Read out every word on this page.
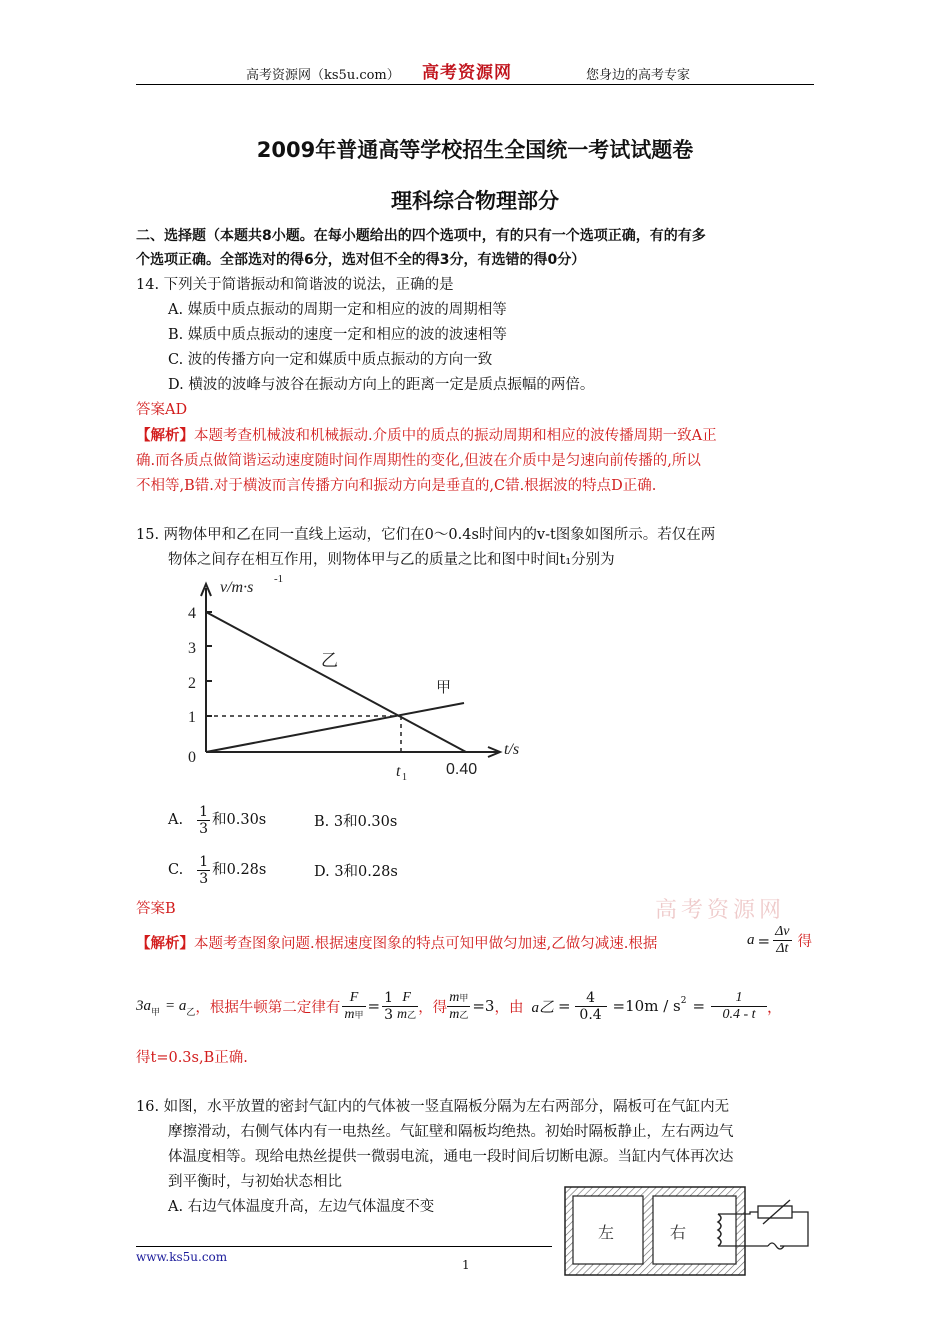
高考资源网（ks5u.com） 高考资源网	您身边的高考专家
2009年普通高等学校招生全国统一考试试题卷
理科综合物理部分
二、选择题（本题共8小题。在每小题给出的四个选项中，有的只有一个选项正确，有的有多
个选项正确。全部选对的得6分，选对但不全的得3分，有选错的得0分）
14. 下列关于简谐振动和简谐波的说法，正确的是
A. 媒质中质点振动的周期一定和相应的波的周期相等
B. 媒质中质点振动的速度一定和相应的波的波速相等
C. 波的传播方向一定和媒质中质点振动的方向一致
D. 横波的波峰与波谷在振动方向上的距离一定是质点振幅的两倍。
答案AD
【解析】本题考查机械波和机械振动.介质中的质点的振动周期和相应的波传播周期一致A正
确.而各质点做简谐运动速度随时间作周期性的变化,但波在介质中是匀速向前传播的,所以
不相等,B错.对于横波而言传播方向和振动方向是垂直的,C错.根据波的特点D正确.
15. 两物体甲和乙在同一直线上运动，它们在0～0.4s时间内的v-t图象如图所示。若仅在两
物体之间存在相互作用，则物体甲与乙的质量之比和图中时间t₁分别为
v/m·s -1
4
3
2
1
0	t/s
乙
甲
t 1 0.40
A. $\frac{1}{3}$ 和0.30s	B. 3和0.30s
C. $\frac{1}{3}$ 和0.28s	D. 3和0.28s
答案B	高考资源网
【解析】本题考查图象问题.根据速度图象的特点可知甲做匀加速,乙做匀减速.根据	$a = \frac{\Delta v}{\Delta t}$ 得
3a 甲 = a 乙 ，根据牛顿第二定律有 $\frac{F}{\text{m甲}} = \frac{1}{3} \frac{F}{\text{m乙}}$ ，得 $\frac{\text{m甲}}{\text{m乙}} =3$ ，由 a乙 = $\frac{4}{0.4} =10m / s$ $2 = \frac{1}{0.4 - t}$ ，
得t=0.3s,B正确.
16. 如图，水平放置的密封气缸内的气体被一竖直隔板分隔为左右两部分，隔板可在气缸内无
摩擦滑动，右侧气体内有一电热丝。气缸壁和隔板均绝热。初始时隔板静止，左右两边气
体温度相等。现给电热丝提供一微弱电流，通电一段时间后切断电源。当缸内气体再次达
到平衡时，与初始状态相比
A. 右边气体温度升高，左边气体温度不变
左	右
www.ks5u.com
1
